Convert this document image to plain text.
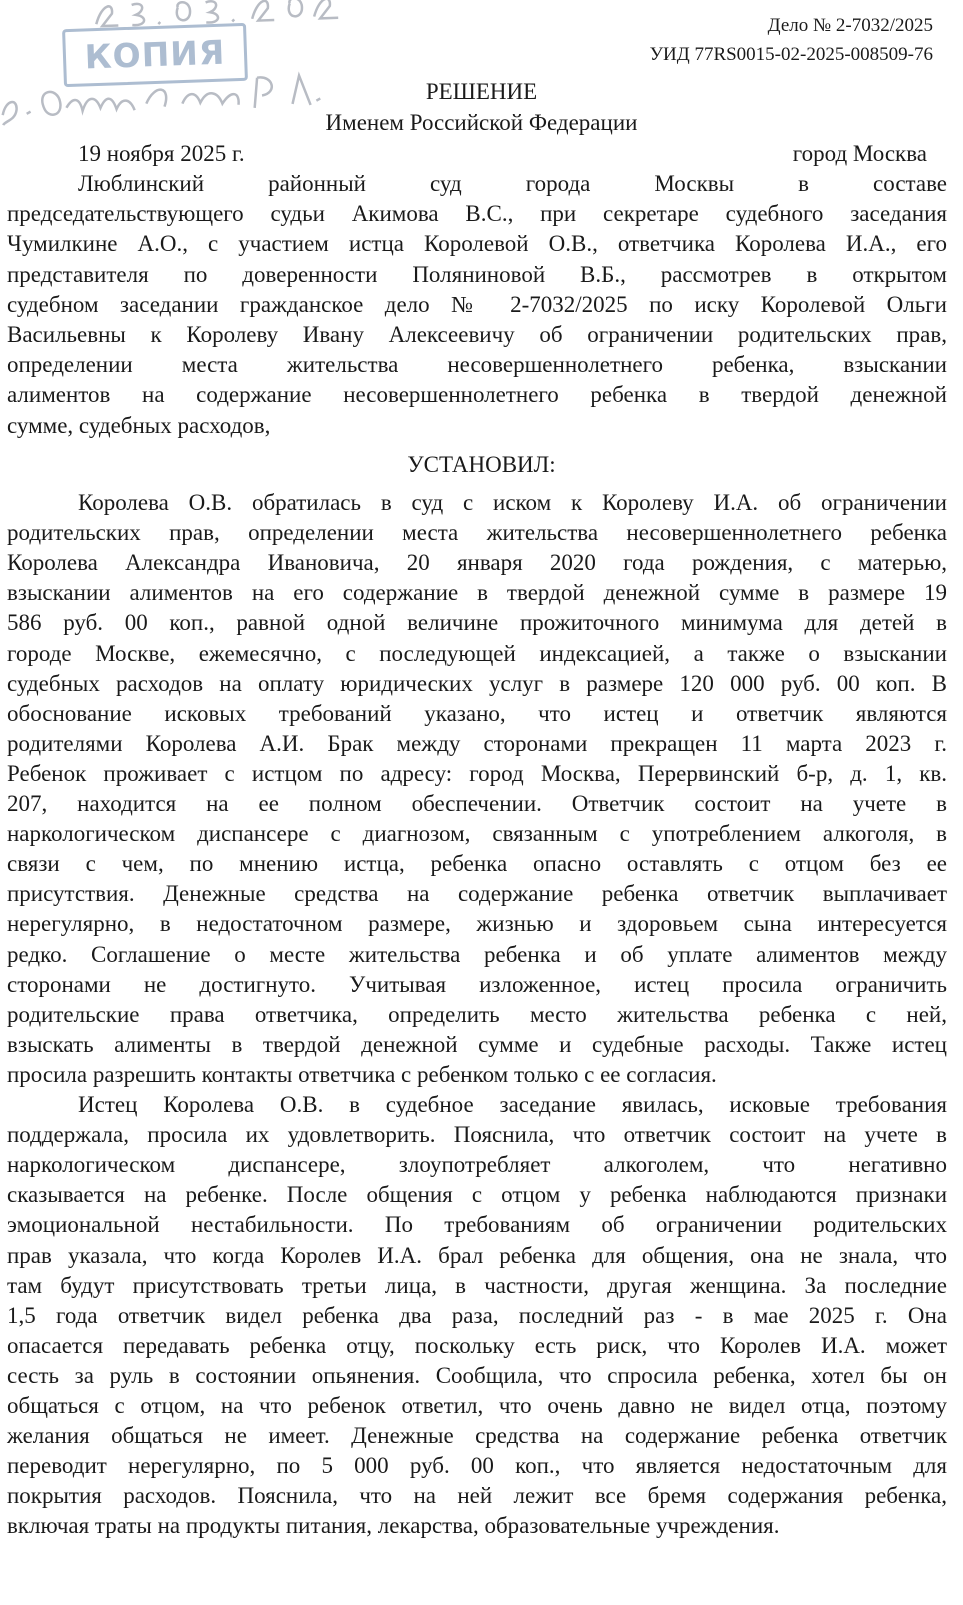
КОПИЯ
Дело № 2-7032/2025
УИД 77RS0015-02-2025-008509-76
РЕШЕНИЕ
Именем Российской Федерации
19 ноября 2025 г.	город Москва
Люблинский районный суд города Москвы в составе
председательствующего судьи Акимова В.С., при секретаре судебного заседания
Чумилкине А.О., с участием истца Королевой О.В., ответчика Королева И.А., его
представителя по доверенности Поляниновой В.Б., рассмотрев в открытом
судебном заседании гражданское дело № 2-7032/2025 по иску Королевой Ольги
Васильевны к Королеву Ивану Алексеевичу об ограничении родительских прав,
определении места жительства несовершеннолетнего ребенка, взыскании
алиментов на содержание несовершеннолетнего ребенка в твердой денежной
сумме, судебных расходов,
УСТАНОВИЛ:
Королева О.В. обратилась в суд с иском к Королеву И.А. об ограничении
родительских прав, определении места жительства несовершеннолетнего ребенка
Королева Александра Ивановича, 20 января 2020 года рождения, с матерью,
взыскании алиментов на его содержание в твердой денежной сумме в размере 19
586 руб. 00 коп., равной одной величине прожиточного минимума для детей в
городе Москве, ежемесячно, с последующей индексацией, а также о взыскании
судебных расходов на оплату юридических услуг в размере 120 000 руб. 00 коп. В
обоснование исковых требований указано, что истец и ответчик являются
родителями Королева А.И. Брак между сторонами прекращен 11 марта 2023 г.
Ребенок проживает с истцом по адресу: город Москва, Перервинский б-р, д. 1, кв.
207, находится на ее полном обеспечении. Ответчик состоит на учете в
наркологическом диспансере с диагнозом, связанным с употреблением алкоголя, в
связи с чем, по мнению истца, ребенка опасно оставлять с отцом без ее
присутствия. Денежные средства на содержание ребенка ответчик выплачивает
нерегулярно, в недостаточном размере, жизнью и здоровьем сына интересуется
редко. Соглашение о месте жительства ребенка и об уплате алиментов между
сторонами не достигнуто. Учитывая изложенное, истец просила ограничить
родительские права ответчика, определить место жительства ребенка с ней,
взыскать алименты в твердой денежной сумме и судебные расходы. Также истец
просила разрешить контакты ответчика с ребенком только с ее согласия.
Истец Королева О.В. в судебное заседание явилась, исковые требования
поддержала, просила их удовлетворить. Пояснила, что ответчик состоит на учете в
наркологическом диспансере, злоупотребляет алкоголем, что негативно
сказывается на ребенке. После общения с отцом у ребенка наблюдаются признаки
эмоциональной нестабильности. По требованиям об ограничении родительских
прав указала, что когда Королев И.А. брал ребенка для общения, она не знала, что
там будут присутствовать третьи лица, в частности, другая женщина. За последние
1,5 года ответчик видел ребенка два раза, последний раз - в мае 2025 г. Она
опасается передавать ребенка отцу, поскольку есть риск, что Королев И.А. может
сесть за руль в состоянии опьянения. Сообщила, что спросила ребенка, хотел бы он
общаться с отцом, на что ребенок ответил, что очень давно не видел отца, поэтому
желания общаться не имеет. Денежные средства на содержание ребенка ответчик
переводит нерегулярно, по 5 000 руб. 00 коп., что является недостаточным для
покрытия расходов. Пояснила, что на ней лежит все бремя содержания ребенка,
включая траты на продукты питания, лекарства, образовательные учреждения.
